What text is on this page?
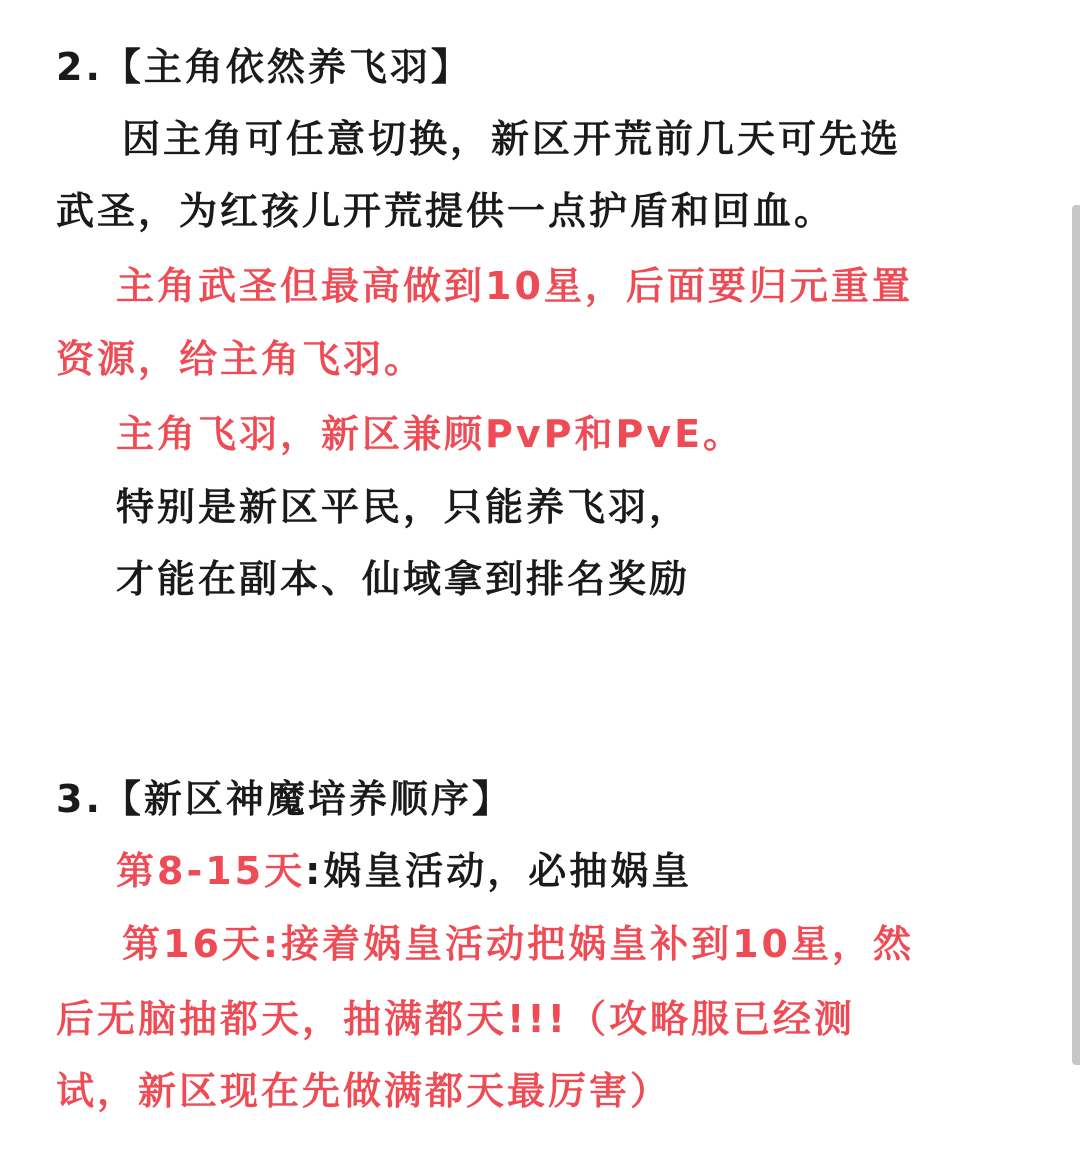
2.【主角依然养飞羽】
因主角可任意切换，新区开荒前几天可先选
武圣，为红孩儿开荒提供一点护盾和回血。
主角武圣但最高做到10星，后面要归元重置
资源，给主角飞羽。
主角飞羽，新区兼顾PvP和PvE。
特别是新区平民，只能养飞羽，
才能在副本、仙域拿到排名奖励
3.【新区神魔培养顺序】
第8-15天:娲皇活动，必抽娲皇
第16天:接着娲皇活动把娲皇补到10星，然
后无脑抽都天，抽满都天!!!（攻略服已经测
试，新区现在先做满都天最厉害）
